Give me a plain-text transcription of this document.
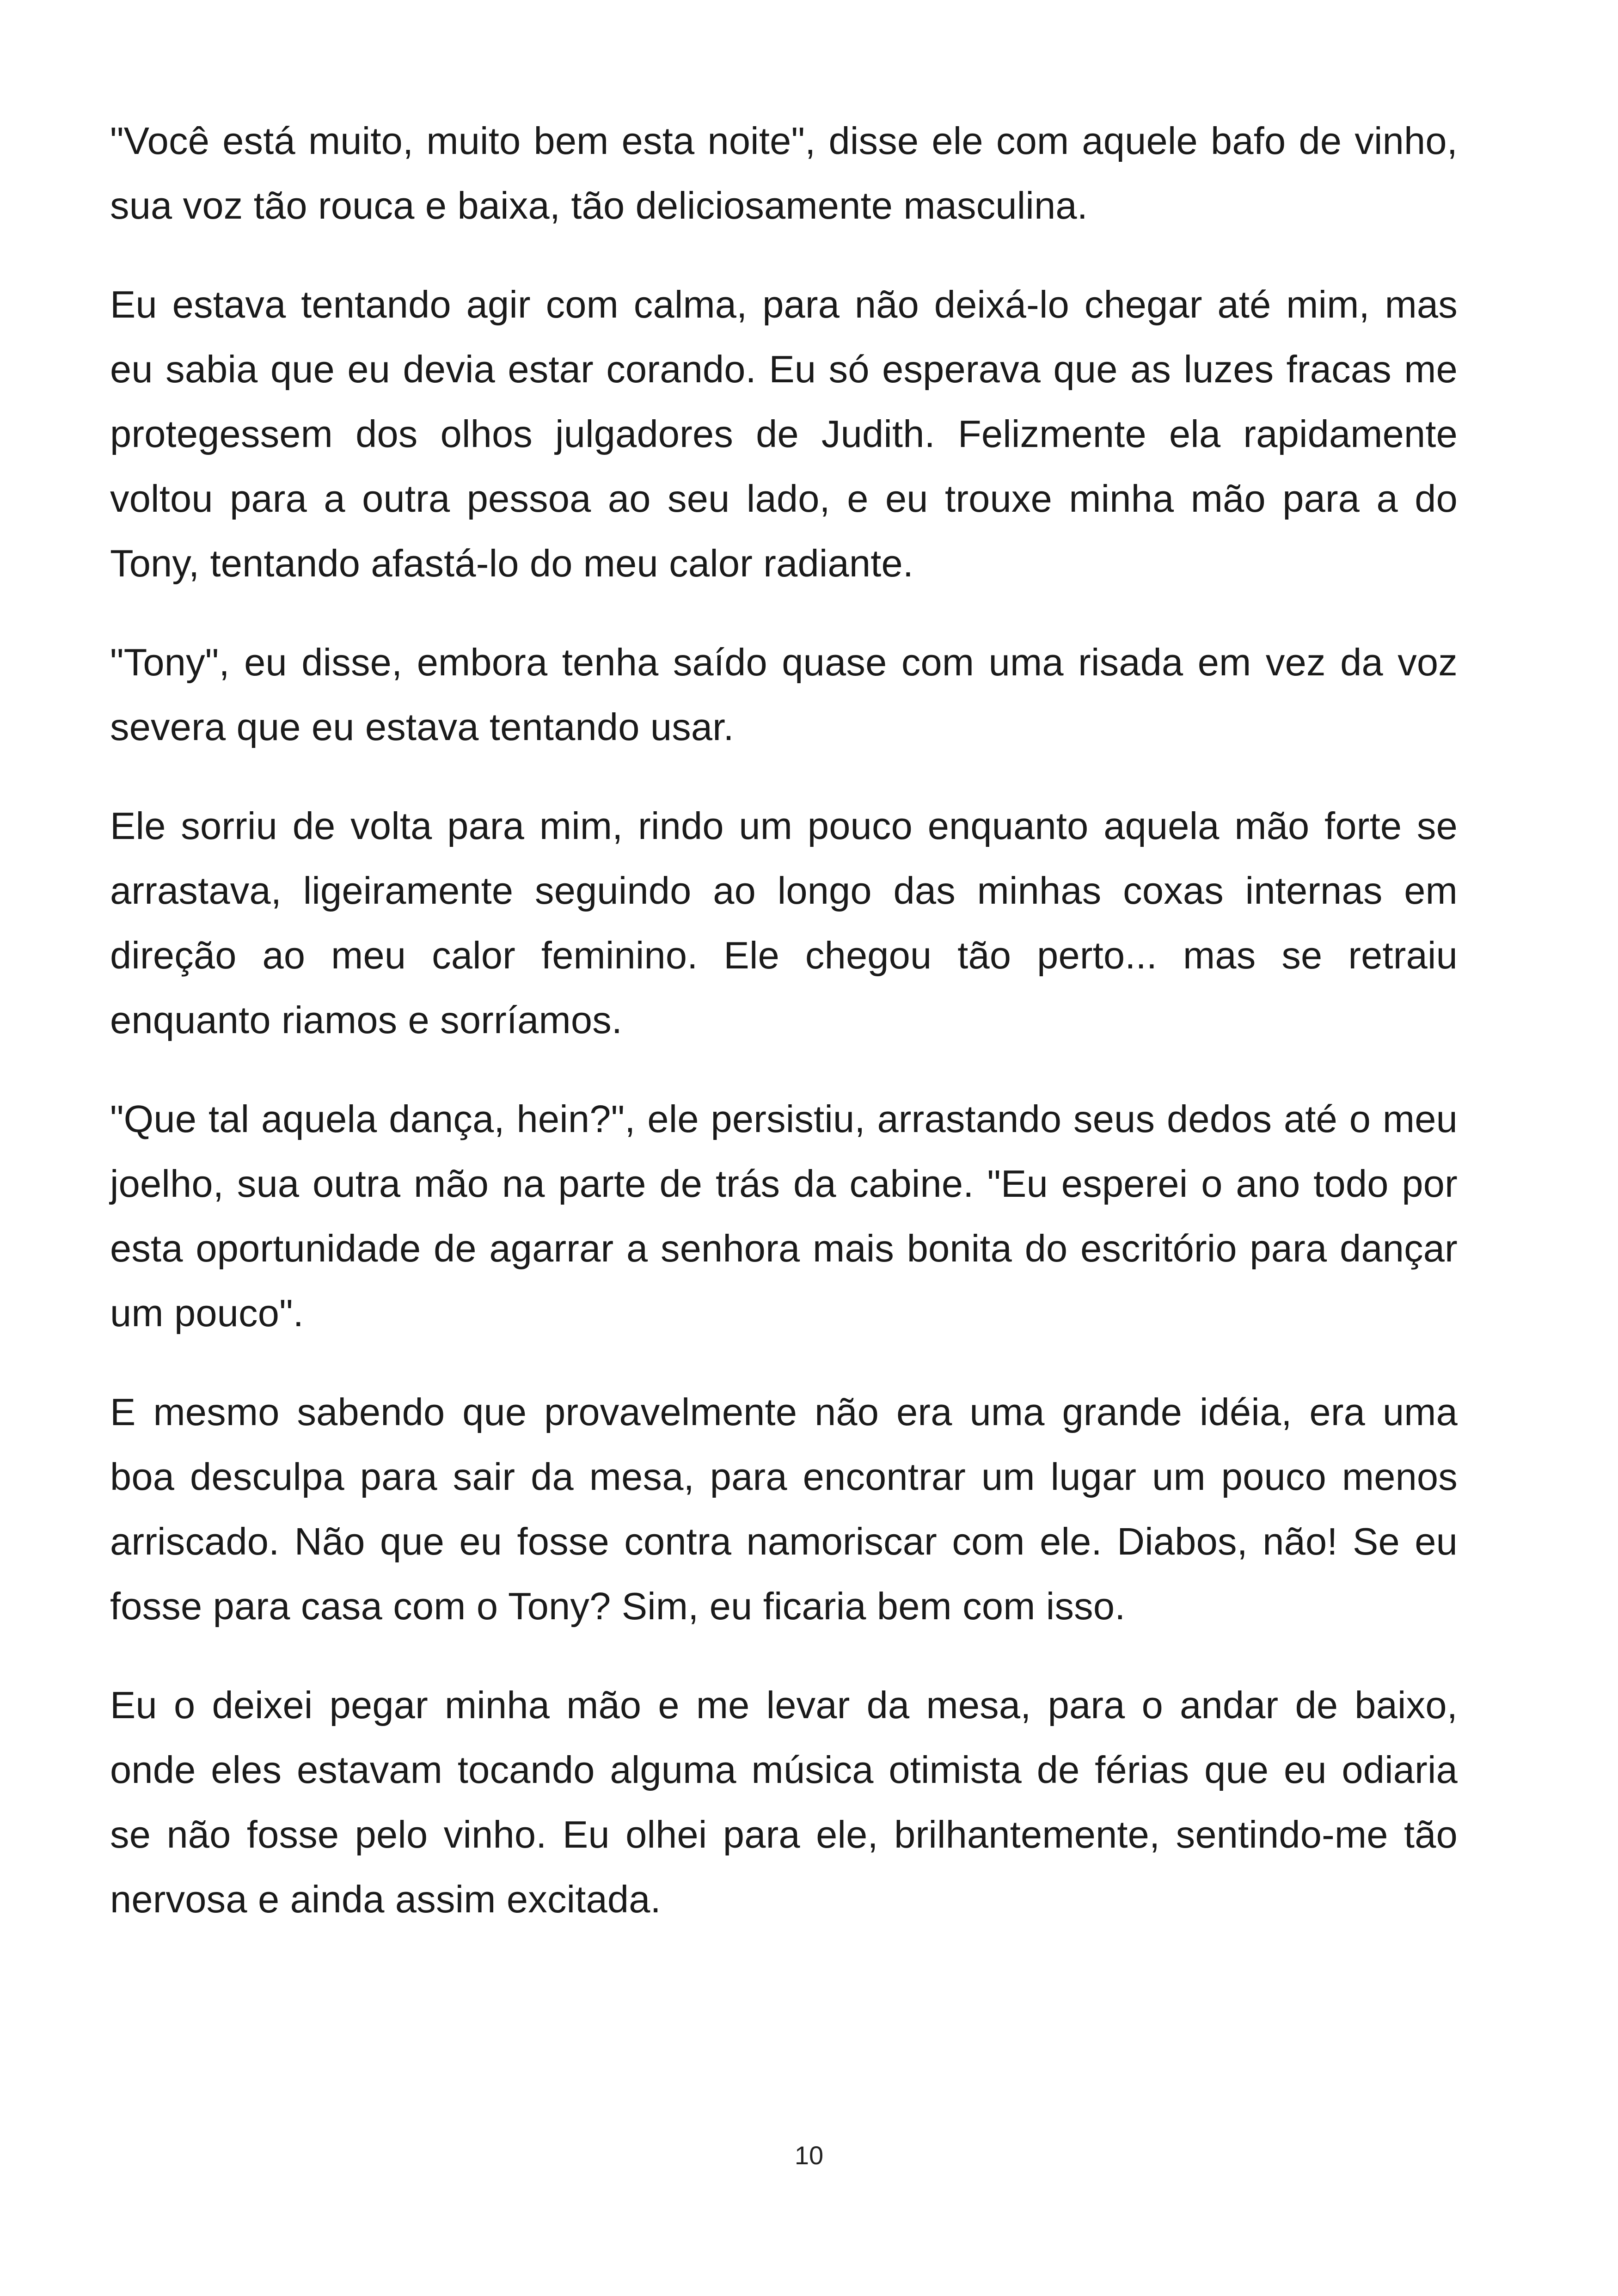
"Você está muito, muito bem esta noite", disse ele com aquele bafo de vinho, sua voz tão rouca e baixa, tão deliciosamente masculina.

Eu estava tentando agir com calma, para não deixá-lo chegar até mim, mas eu sabia que eu devia estar corando. Eu só esperava que as luzes fracas me protegessem dos olhos julgadores de Judith. Felizmente ela rapidamente voltou para a outra pessoa ao seu lado, e eu trouxe minha mão para a do Tony, tentando afastá-lo do meu calor radiante.

"Tony", eu disse, embora tenha saído quase com uma risada em vez da voz severa que eu estava tentando usar.

Ele sorriu de volta para mim, rindo um pouco enquanto aquela mão forte se arrastava, ligeiramente seguindo ao longo das minhas coxas internas em direção ao meu calor feminino. Ele chegou tão perto... mas se retraiu enquanto riamos e sorríamos.

"Que tal aquela dança, hein?", ele persistiu, arrastando seus dedos até o meu joelho, sua outra mão na parte de trás da cabine. "Eu esperei o ano todo por esta oportunidade de agarrar a senhora mais bonita do escritório para dançar um pouco".

E mesmo sabendo que provavelmente não era uma grande idéia, era uma boa desculpa para sair da mesa, para encontrar um lugar um pouco menos arriscado. Não que eu fosse contra namoriscar com ele. Diabos, não! Se eu fosse para casa com o Tony? Sim, eu ficaria bem com isso.

Eu o deixei pegar minha mão e me levar da mesa, para o andar de baixo, onde eles estavam tocando alguma música otimista de férias que eu odiaria se não fosse pelo vinho. Eu olhei para ele, brilhantemente, sentindo-me tão nervosa e ainda assim excitada.

10
